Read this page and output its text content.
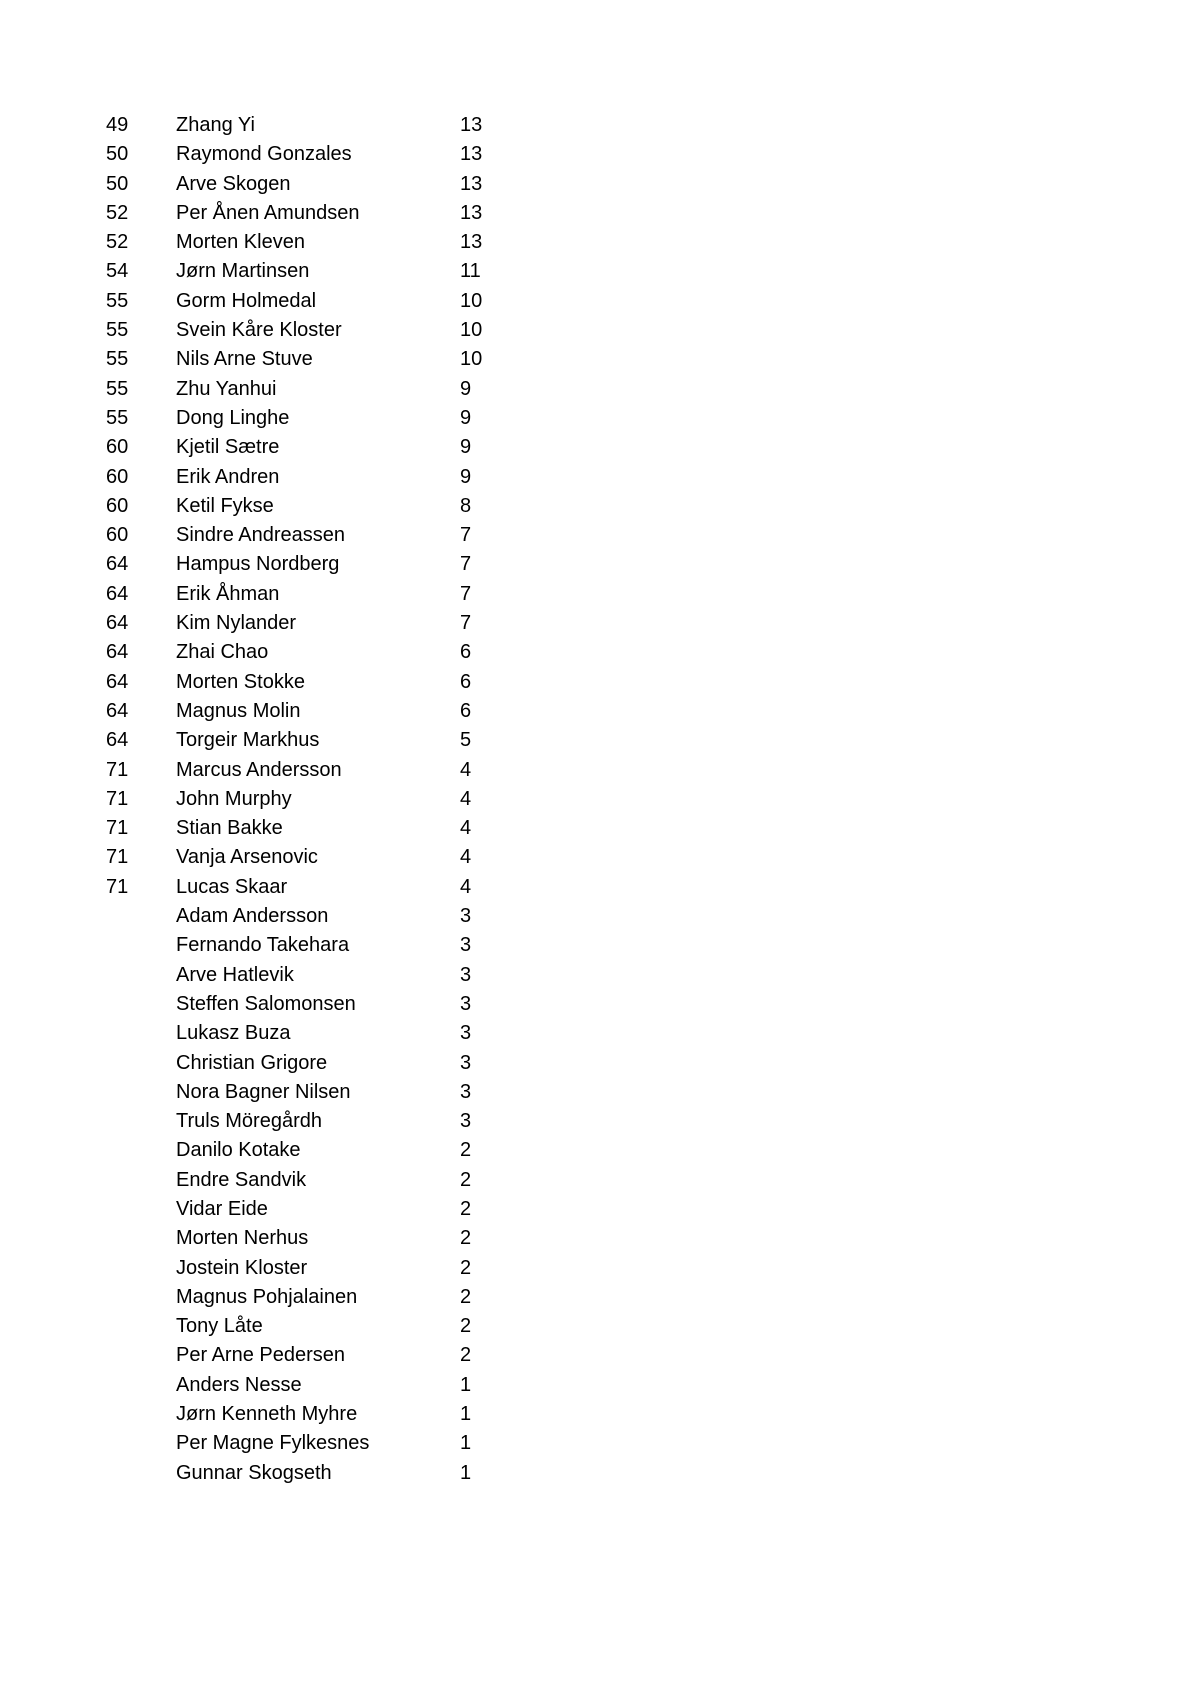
49 Zhang Yi	13
50 Raymond Gonzales	13
50 Arve Skogen	13
52 Per Ånen Amundsen	13
52 Morten Kleven	13
54 Jørn Martinsen	11
55 Gorm Holmedal	10
55 Svein Kåre Kloster	10
55 Nils Arne Stuve	10
55 Zhu Yanhui	9
55 Dong Linghe	9
60 Kjetil Sætre	9
60 Erik Andren	9
60 Ketil Fykse	8
60 Sindre Andreassen	7
64 Hampus Nordberg	7
64 Erik Åhman	7
64 Kim Nylander	7
64 Zhai Chao	6
64 Morten Stokke	6
64 Magnus Molin	6
64 Torgeir Markhus	5
71 Marcus Andersson	4
71 John Murphy	4
71 Stian Bakke	4
71 Vanja Arsenovic	4
71 Lucas Skaar	4
Adam Andersson	3
Fernando Takehara	3
Arve Hatlevik	3
Steffen Salomonsen	3
Lukasz Buza	3
Christian Grigore	3
Nora Bagner Nilsen	3
Truls Möregårdh	3
Danilo Kotake	2
Endre Sandvik	2
Vidar Eide	2
Morten Nerhus	2
Jostein Kloster	2
Magnus Pohjalainen	2
Tony Låte	2
Per Arne Pedersen	2
Anders Nesse	1
Jørn Kenneth Myhre	1
Per Magne Fylkesnes	1
Gunnar Skogseth	1
